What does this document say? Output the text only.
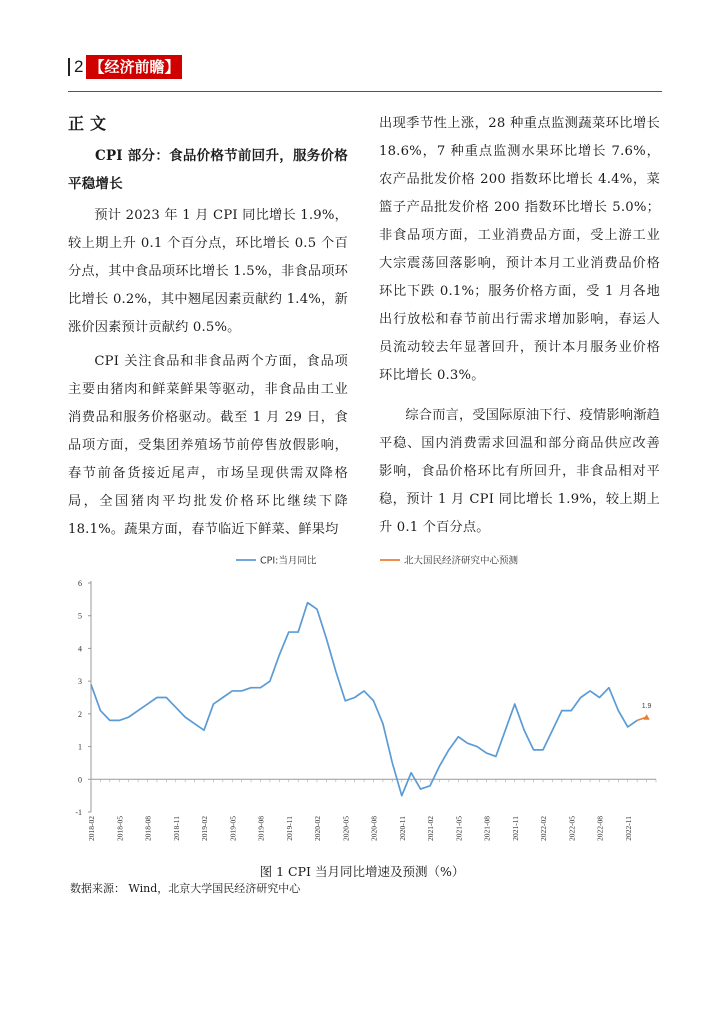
2 【经济前瞻】

正 文

CPI 部分：食品价格节前回升，服务价格平稳增长

预计 2023 年 1 月 CPI 同比增长 1.9%，较上期上升 0.1 个百分点，环比增长 0.5 个百分点，其中食品项环比增长 1.5%，非食品项环比增长 0.2%，其中翘尾因素贡献约 1.4%，新涨价因素预计贡献约 0.5%。

CPI 关注食品和非食品两个方面，食品项主要由猪肉和鲜菜鲜果等驱动，非食品由工业消费品和服务价格驱动。截至 1 月 29 日，食品项方面，受集团养殖场节前停售放假影响，春节前备货接近尾声，市场呈现供需双降格局，全国猪肉平均批发价格环比继续下降 18.1%。蔬果方面，春节临近下鲜菜、鲜果均

出现季节性上涨，28 种重点监测蔬菜环比增长 18.6%，7 种重点监测水果环比增长 7.6%，农产品批发价格 200 指数环比增长 4.4%，菜篮子产品批发价格 200 指数环比增长 5.0%；非食品项方面，工业消费品方面，受上游工业大宗震荡回落影响，预计本月工业消费品价格环比下跌 0.1%；服务价格方面，受 1 月各地出行放松和春节前出行需求增加影响，春运人员流动较去年显著回升，预计本月服务业价格环比增长 0.3%。

综合而言，受国际原油下行、疫情影响渐趋平稳、国内消费需求回温和部分商品供应改善影响，食品价格环比有所回升，非食品相对平稳，预计 1 月 CPI 同比增长 1.9%，较上期上升 0.1 个百分点。

-1
0
1
2
3
4
5
6
2018-02	2018-05	2018-08	2018-11	2019-02	2019-05	2019-08	2019-11	2020-02	2020-05	2020-08	2020-11	2021-02	2021-05	2021-08	2021-11	2022-02	2022-05	2022-08	2022-11
1.9
CPI:当月同比	北大国民经济研究中心预测
图 1 CPI 当月同比增速及预测（%）
数据来源： Wind，北京大学国民经济研究中心
